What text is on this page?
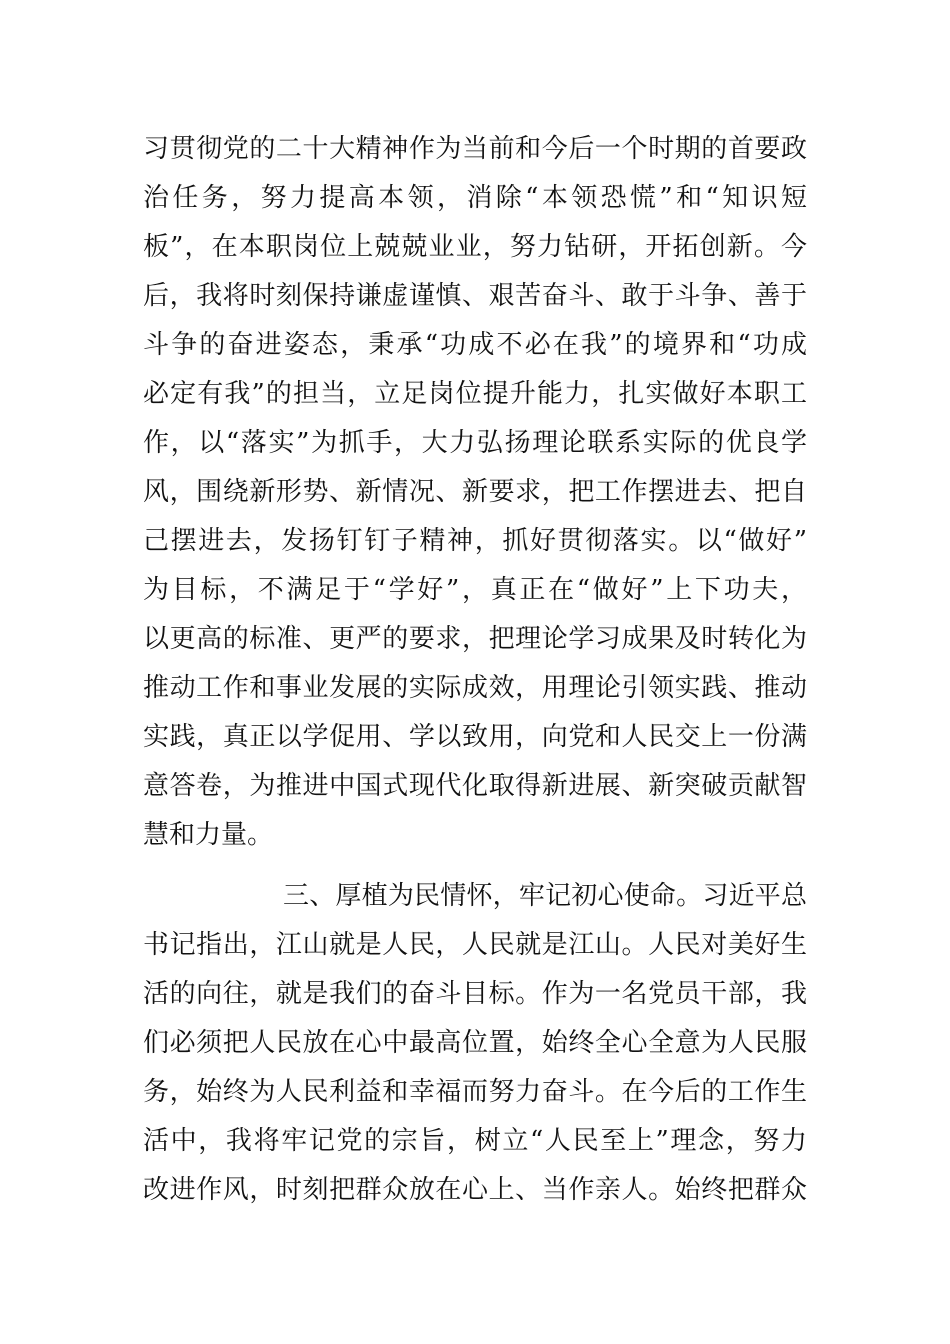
习贯彻党的二十大精神作为当前和今后一个时期的首要政
治任务，努力提高本领，消除“本领恐慌”和“知识短
板”，在本职岗位上兢兢业业，努力钻研，开拓创新。今
后，我将时刻保持谦虚谨慎、艰苦奋斗、敢于斗争、善于
斗争的奋进姿态，秉承“功成不必在我”的境界和“功成
必定有我”的担当，立足岗位提升能力，扎实做好本职工
作，以“落实”为抓手，大力弘扬理论联系实际的优良学
风，围绕新形势、新情况、新要求，把工作摆进去、把自
己摆进去，发扬钉钉子精神，抓好贯彻落实。以“做好”
为目标，不满足于“学好”，真正在“做好”上下功夫，
以更高的标准、更严的要求，把理论学习成果及时转化为
推动工作和事业发展的实际成效，用理论引领实践、推动
实践，真正以学促用、学以致用，向党和人民交上一份满
意答卷，为推进中国式现代化取得新进展、新突破贡献智
慧和力量。
三、厚植为民情怀，牢记初心使命。习近平总
书记指出，江山就是人民，人民就是江山。人民对美好生
活的向往，就是我们的奋斗目标。作为一名党员干部，我
们必须把人民放在心中最高位置，始终全心全意为人民服
务，始终为人民利益和幸福而努力奋斗。在今后的工作生
活中，我将牢记党的宗旨，树立“人民至上”理念，努力
改进作风，时刻把群众放在心上、当作亲人。始终把群众
